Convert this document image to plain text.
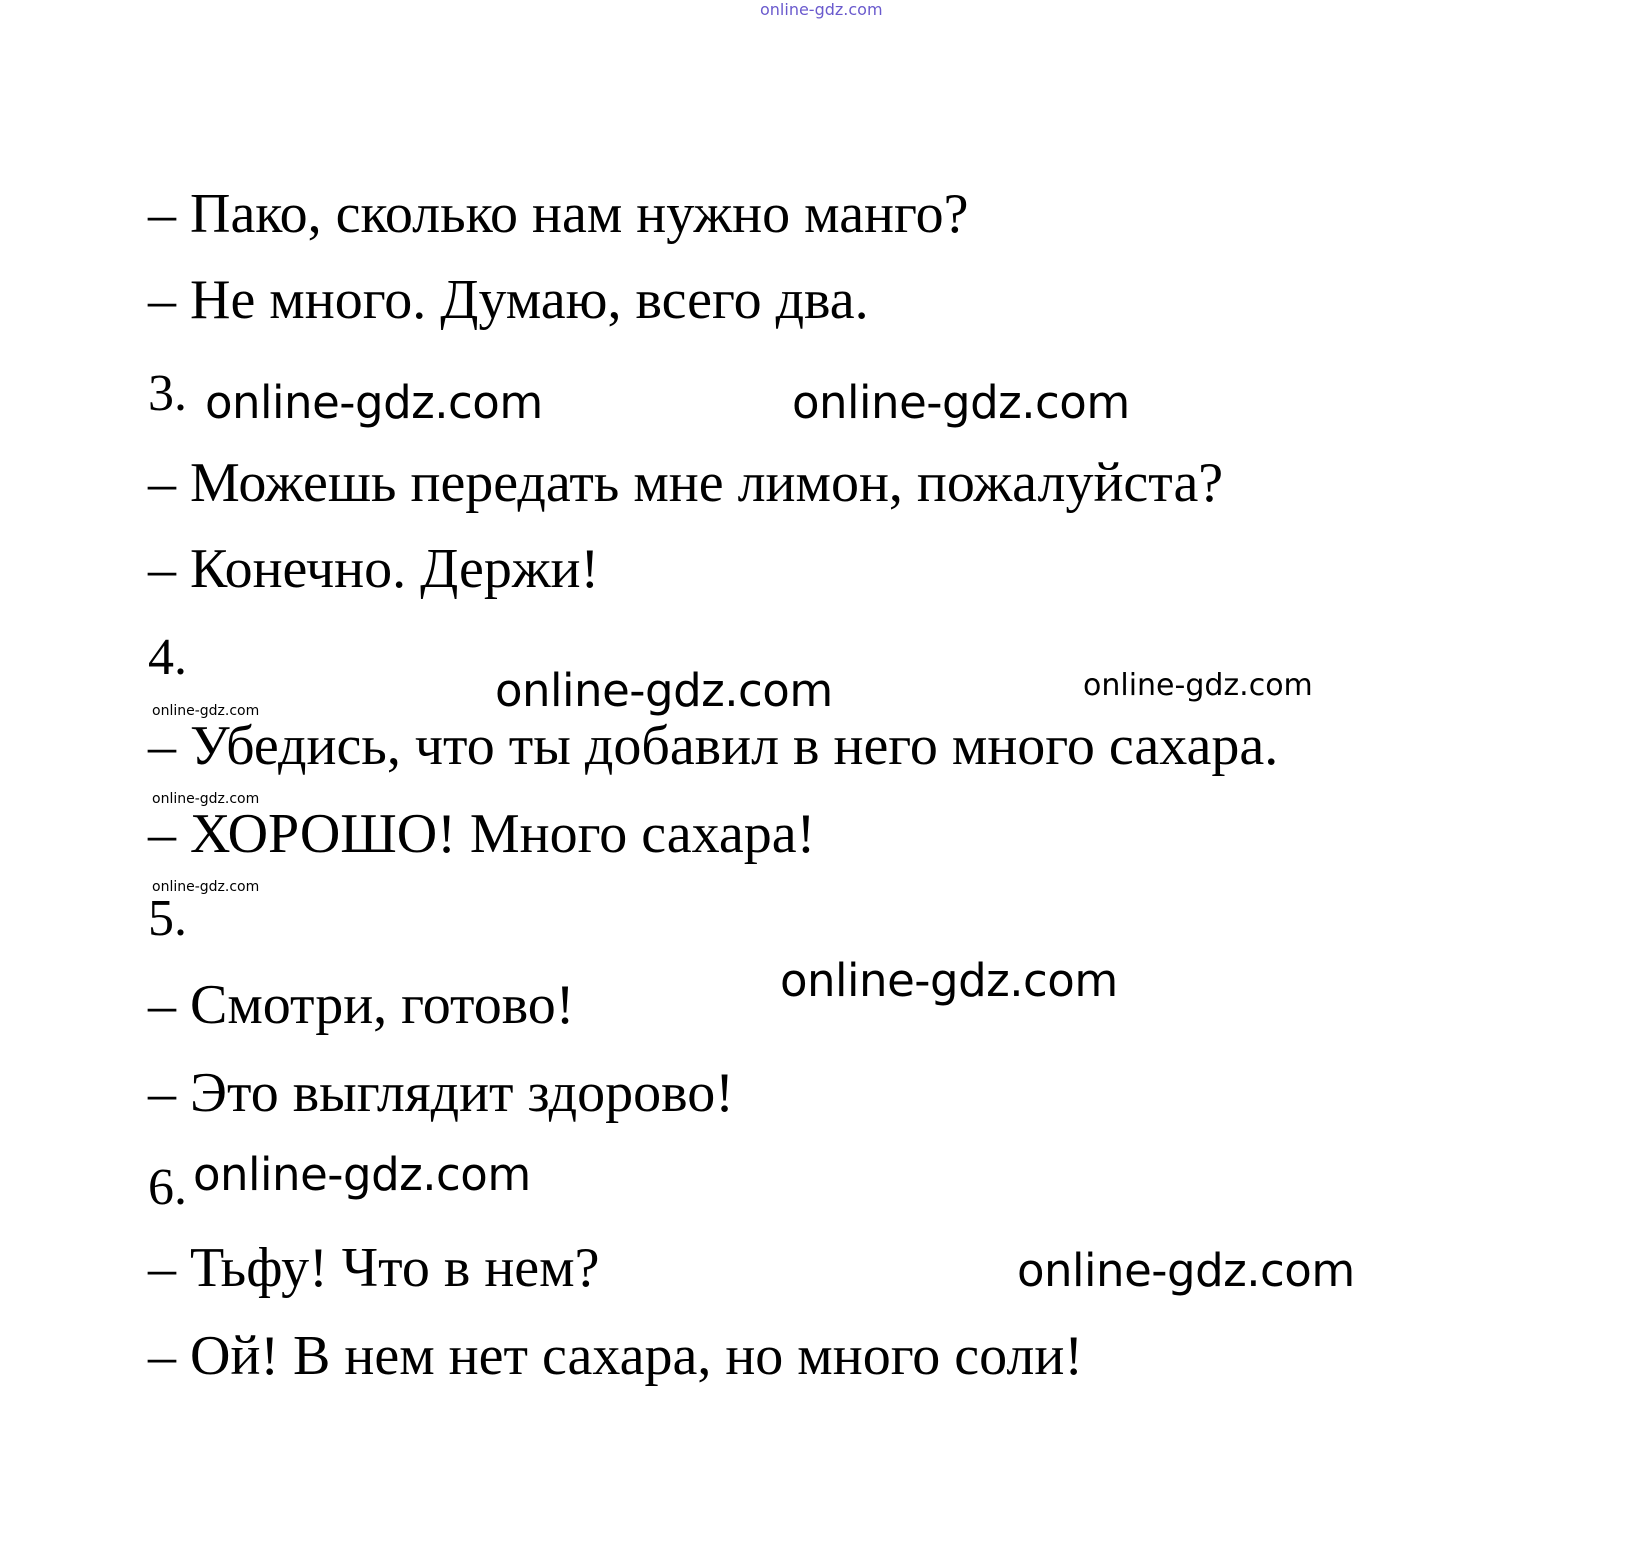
online-gdz.com
– Пако, сколько нам нужно манго?
– Не много. Думаю, всего два.
3. online-gdz.com	online-gdz.com
– Можешь передать мне лимон, пожалуйста?
– Конечно. Держи!
4.
online-gdz.com	online-gdz.com
online-gdz.com
– Убедись, что ты добавил в него много сахара.
online-gdz.com
– ХОРОШО! Много сахара!
online-gdz.com
5.
online-gdz.com
– Смотри, готово!
– Это выглядит здорово!
6. online-gdz.com
– Тьфу! Что в нем?	online-gdz.com
– Ой! В нем нет сахара, но много соли!
